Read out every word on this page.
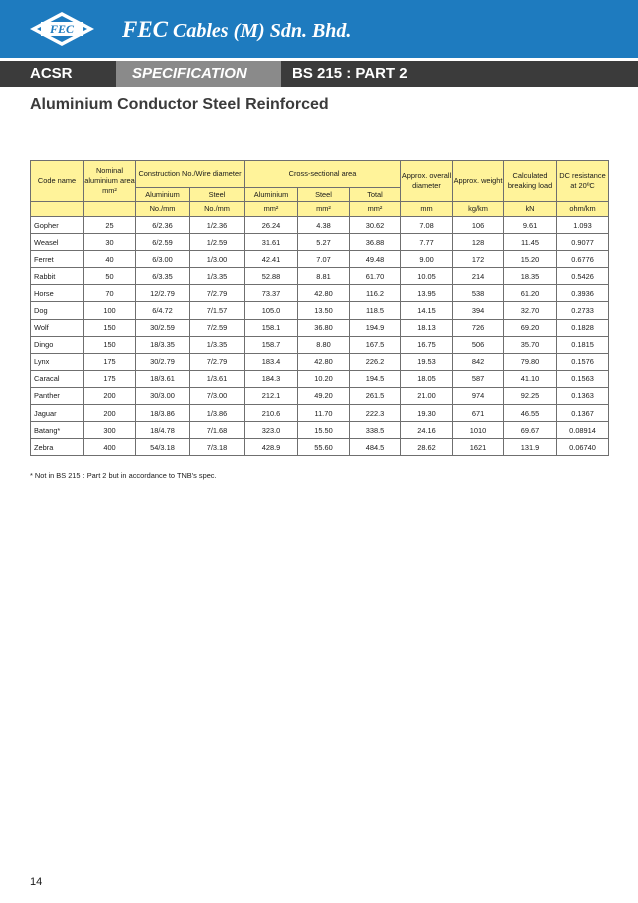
FEC FEC Cables (M) Sdn. Bhd.
ACSR	SPECIFICATION	BS 215 : PART 2
Aluminium Conductor Steel Reinforced
Code name	Nominal aluminium area mm²	Construction No./Wire diameter		Cross-sectional area			Approx. overall diameter	Approx. weight	Calculated breaking load	DC resistance at 20ºC
		Aluminium	Steel	Aluminium	Steel	Total				
		No./mm	No./mm	mm²	mm²	mm²	mm	kg/km	kN	ohm/km
Gopher	25	6/2.36	1/2.36	26.24	4.38	30.62	7.08	106	9.61	1.093
Weasel	30	6/2.59	1/2.59	31.61	5.27	36.88	7.77	128	11.45	0.9077
Ferret	40	6/3.00	1/3.00	42.41	7.07	49.48	9.00	172	15.20	0.6776
Rabbit	50	6/3.35	1/3.35	52.88	8.81	61.70	10.05	214	18.35	0.5426
Horse	70	12/2.79	7/2.79	73.37	42.80	116.2	13.95	538	61.20	0.3936
Dog	100	6/4.72	7/1.57	105.0	13.50	118.5	14.15	394	32.70	0.2733
Wolf	150	30/2.59	7/2.59	158.1	36.80	194.9	18.13	726	69.20	0.1828
Dingo	150	18/3.35	1/3.35	158.7	8.80	167.5	16.75	506	35.70	0.1815
Lynx	175	30/2.79	7/2.79	183.4	42.80	226.2	19.53	842	79.80	0.1576
Caracal	175	18/3.61	1/3.61	184.3	10.20	194.5	18.05	587	41.10	0.1563
Panther	200	30/3.00	7/3.00	212.1	49.20	261.5	21.00	974	92.25	0.1363
Jaguar	200	18/3.86	1/3.86	210.6	11.70	222.3	19.30	671	46.55	0.1367
Batang*	300	18/4.78	7/1.68	323.0	15.50	338.5	24.16	1010	69.67	0.08914
Zebra	400	54/3.18	7/3.18	428.9	55.60	484.5	28.62	1621	131.9	0.06740
* Not in BS 215 : Part 2 but in accordance to TNB's spec.
14
